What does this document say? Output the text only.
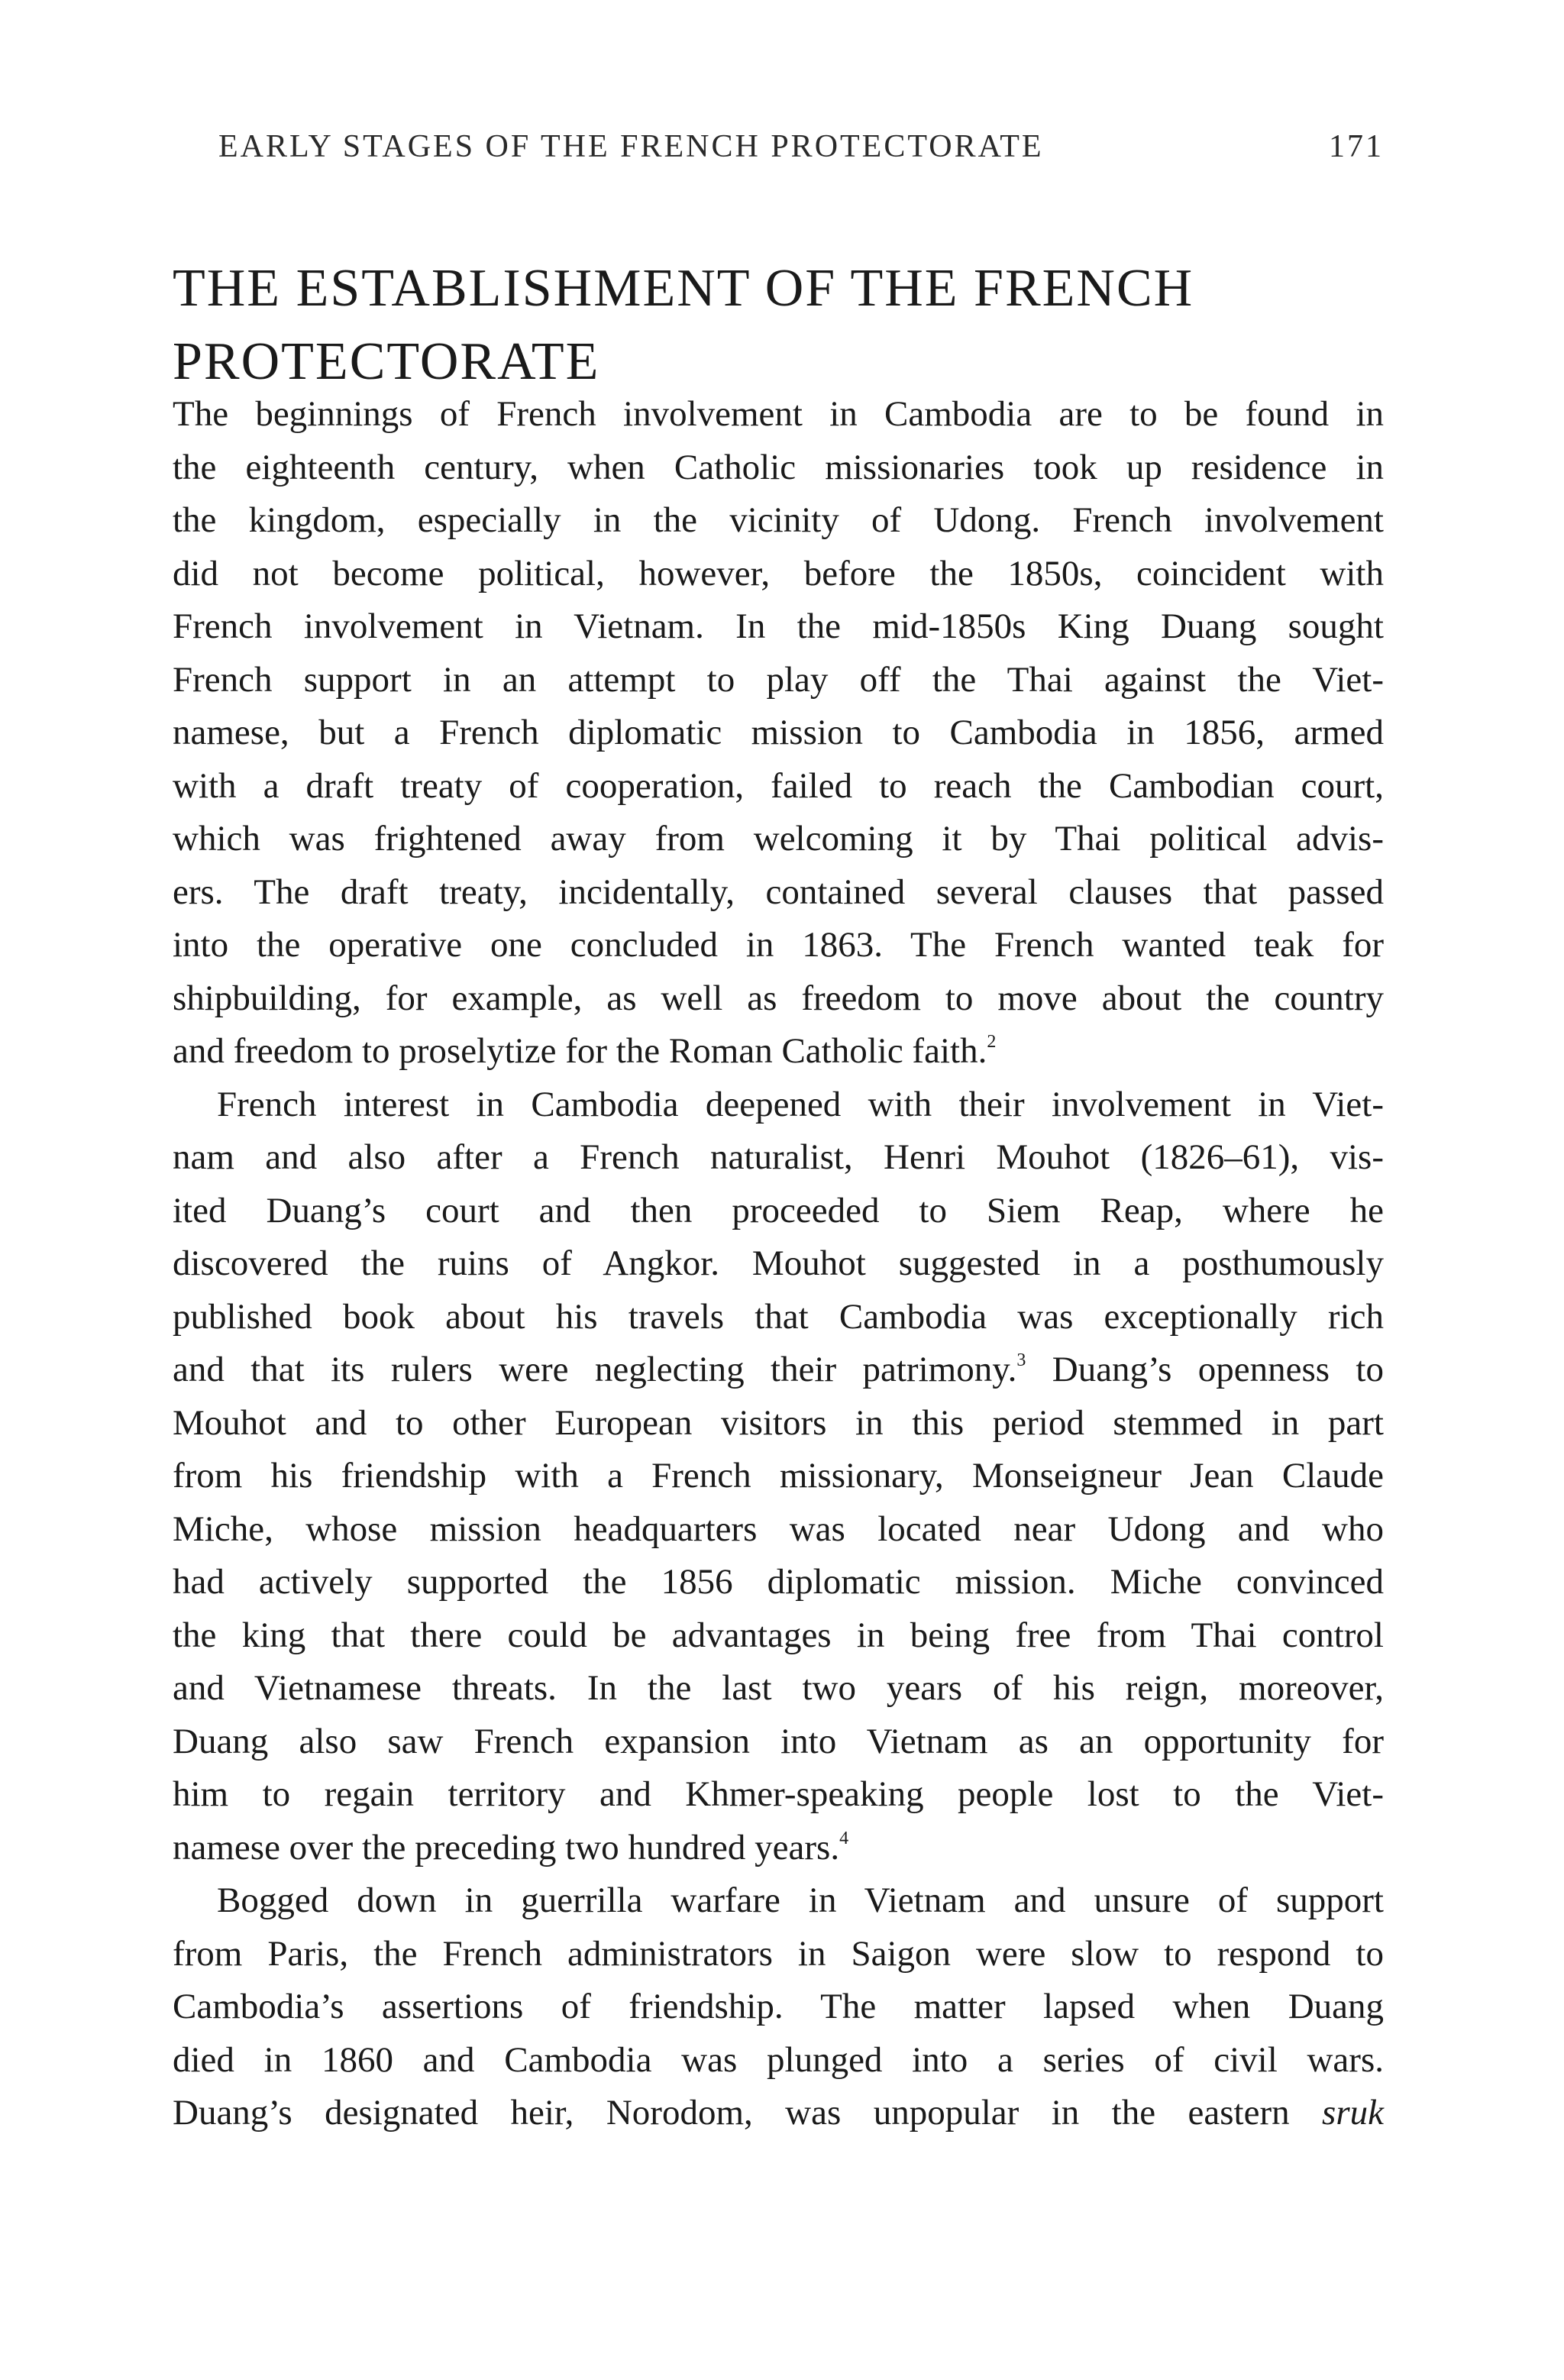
EARLY STAGES OF THE FRENCH PROTECTORATE	171
THE ESTABLISHMENT OF THE FRENCH
PROTECTORATE
The beginnings of French involvement in Cambodia are to be found in
the eighteenth century, when Catholic missionaries took up residence in
the kingdom, especially in the vicinity of Udong. French involvement
did not become political, however, before the 1850s, coincident with
French involvement in Vietnam. In the mid-1850s King Duang sought
French support in an attempt to play off the Thai against the Viet-
namese, but a French diplomatic mission to Cambodia in 1856, armed
with a draft treaty of cooperation, failed to reach the Cambodian court,
which was frightened away from welcoming it by Thai political advis-
ers. The draft treaty, incidentally, contained several clauses that passed
into the operative one concluded in 1863. The French wanted teak for
shipbuilding, for example, as well as freedom to move about the country
and freedom to proselytize for the Roman Catholic faith.$^2$
French interest in Cambodia deepened with their involvement in Viet-
nam and also after a French naturalist, Henri Mouhot (1826–61), vis-
ited Duang’s court and then proceeded to Siem Reap, where he
discovered the ruins of Angkor. Mouhot suggested in a posthumously
published book about his travels that Cambodia was exceptionally rich
and that its rulers were neglecting their patrimony.$^3$ Duang’s openness to
Mouhot and to other European visitors in this period stemmed in part
from his friendship with a French missionary, Monseigneur Jean Claude
Miche, whose mission headquarters was located near Udong and who
had actively supported the 1856 diplomatic mission. Miche convinced
the king that there could be advantages in being free from Thai control
and Vietnamese threats. In the last two years of his reign, moreover,
Duang also saw French expansion into Vietnam as an opportunity for
him to regain territory and Khmer-speaking people lost to the Viet-
namese over the preceding two hundred years.$^4$
Bogged down in guerrilla warfare in Vietnam and unsure of support
from Paris, the French administrators in Saigon were slow to respond to
Cambodia’s assertions of friendship. The matter lapsed when Duang
died in 1860 and Cambodia was plunged into a series of civil wars.
Duang’s designated heir, Norodom, was unpopular in the eastern sruk
